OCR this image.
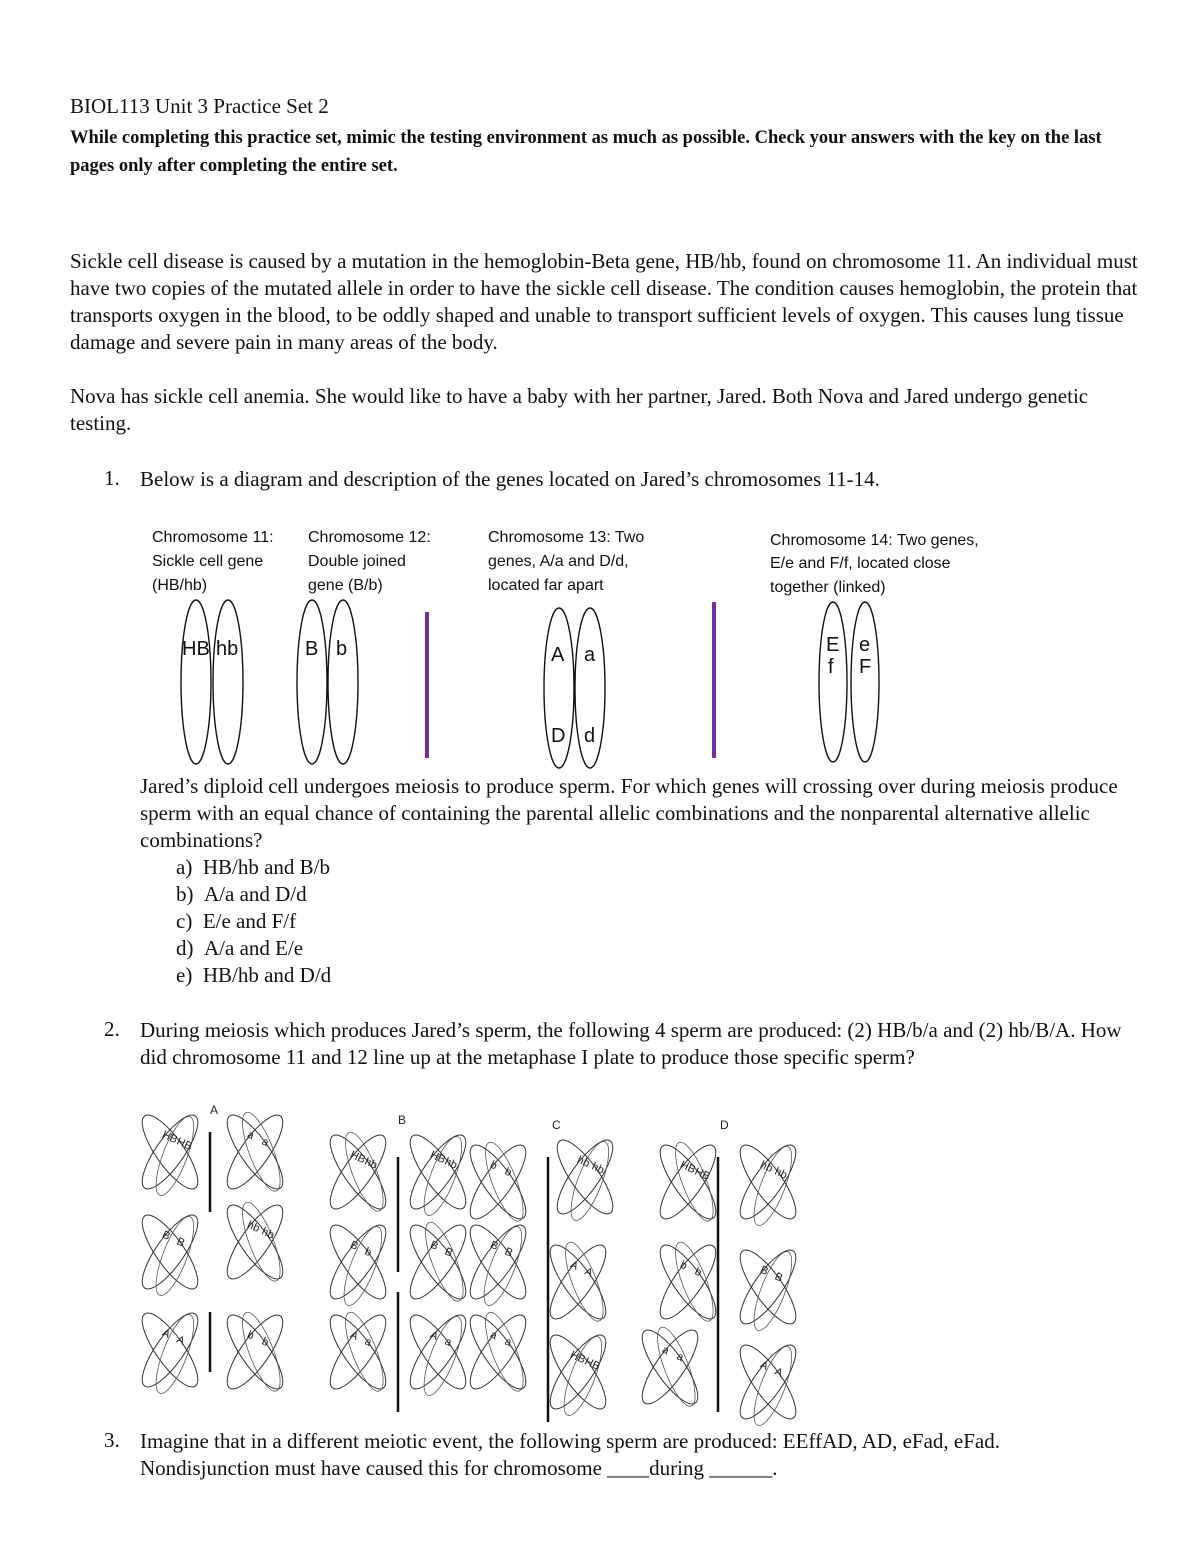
BIOL113 Unit 3 Practice Set 2

While completing this practice set, mimic the testing environment as much as possible. Check your answers with the key on the last pages only after completing the entire set.

Sickle cell disease is caused by a mutation in the hemoglobin-Beta gene, HB/hb, found on chromosome 11. An individual must have two copies of the mutated allele in order to have the sickle cell disease. The condition causes hemoglobin, the protein that transports oxygen in the blood, to be oddly shaped and unable to transport sufficient levels of oxygen. This causes lung tissue damage and severe pain in many areas of the body.

Nova has sickle cell anemia. She would like to have a baby with her partner, Jared. Both Nova and Jared undergo genetic testing.

1. Below is a diagram and description of the genes located on Jared’s chromosomes 11-14.

Chromosome 11:
Sickle cell gene
(HB/hb)
HB hb
Chromosome 12:
Double joined
gene (B/b)
B b
Chromosome 13: Two
genes, A/a and D/d,
located far apart
A a
D d
Chromosome 14: Two genes,
E/e and F/f, located close
together (linked)
E e
f F

Jared’s diploid cell undergoes meiosis to produce sperm. For which genes will crossing over during meiosis produce sperm with an equal chance of containing the parental allelic combinations and the nonparental alternative allelic combinations?

a) HB/hb and B/b
b) A/a and D/d
c) E/e and F/f
d) A/a and E/e
e) HB/hb and D/d

2. During meiosis which produces Jared’s sperm, the following 4 sperm are produced: (2) HB/b/a and (2) hb/B/A. How did chromosome 11 and 12 line up at the metaphase I plate to produce those specific sperm?

A
HB
HB
a
a
B B
hb
hb
A A	b
b
B
HB
hb	HB
hb	b
b
B b	B B	B B
A a	A a
a
a
C
hb
hb
A A
HB
HB
D
HB
HB	hb
hb
b
b	B B
a
a
A A

3. Imagine that in a different meiotic event, the following sperm are produced: EEffAD, AD, eFad, eFad.

Nondisjunction must have caused this for chromosome ____during ______.
